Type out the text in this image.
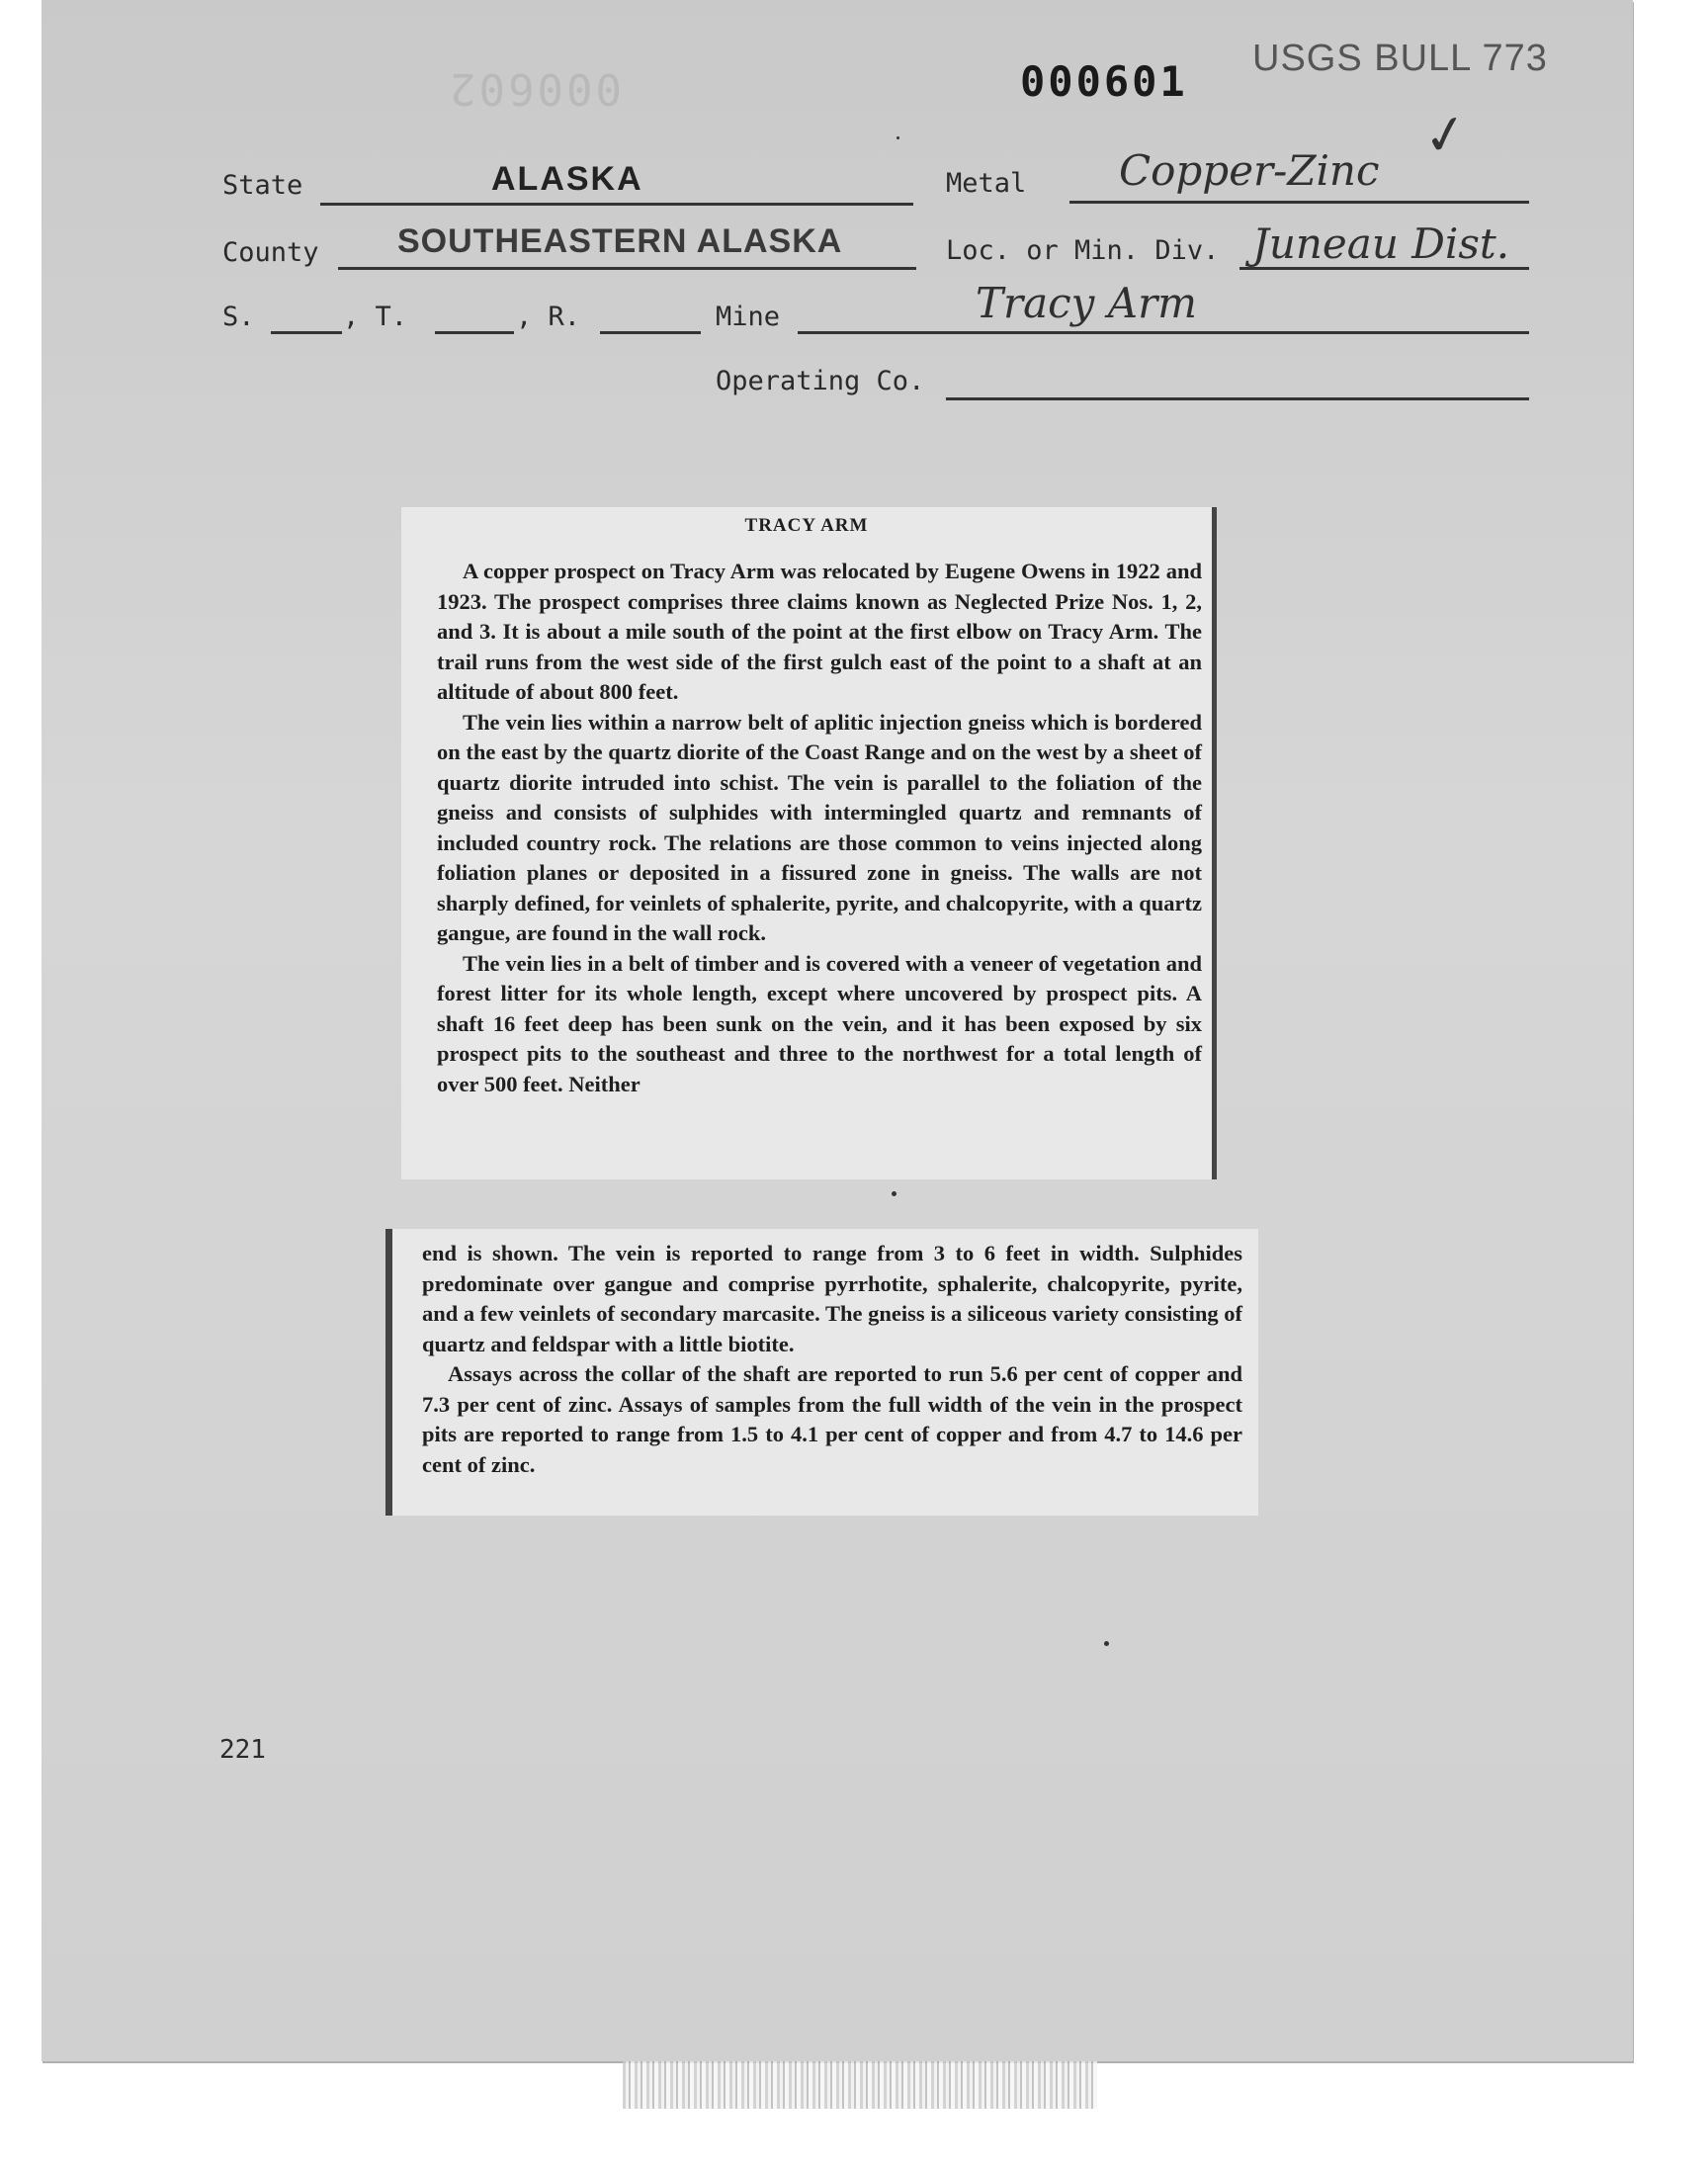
000602	000601 USGS BULL 773
✓
State	ALASKA	Metal Copper-Zinc
County SOUTHEASTERN ALASKA	Loc. or Min. Div. Juneau Dist.
S.	, T.	, R.	Mine	Tracy Arm
Operating Co.
TRACY ARM

A copper prospect on Tracy Arm was relocated by Eugene Owens in 1922 and 1923. The prospect comprises three claims known as Neglected Prize Nos. 1, 2, and 3. It is about a mile south of the point at the first elbow on Tracy Arm. The trail runs from the west side of the first gulch east of the point to a shaft at an altitude of about 800 feet.

The vein lies within a narrow belt of aplitic injection gneiss which is bordered on the east by the quartz diorite of the Coast Range and on the west by a sheet of quartz diorite intruded into schist. The vein is parallel to the foliation of the gneiss and consists of sulphides with intermingled quartz and remnants of included country rock. The relations are those common to veins injected along foliation planes or deposited in a fissured zone in gneiss. The walls are not sharply defined, for veinlets of sphalerite, pyrite, and chalcopyrite, with a quartz gangue, are found in the wall rock.

The vein lies in a belt of timber and is covered with a veneer of vegetation and forest litter for its whole length, except where uncovered by prospect pits. A shaft 16 feet deep has been sunk on the vein, and it has been exposed by six prospect pits to the southeast and three to the northwest for a total length of over 500 feet. Neither

end is shown. The vein is reported to range from 3 to 6 feet in width. Sulphides predominate over gangue and comprise pyrrhotite, sphalerite, chalcopyrite, pyrite, and a few veinlets of secondary marcasite. The gneiss is a siliceous variety consisting of quartz and feldspar with a little biotite.

Assays across the collar of the shaft are reported to run 5.6 per cent of copper and 7.3 per cent of zinc. Assays of samples from the full width of the vein in the prospect pits are reported to range from 1.5 to 4.1 per cent of copper and from 4.7 to 14.6 per cent of zinc.

221
